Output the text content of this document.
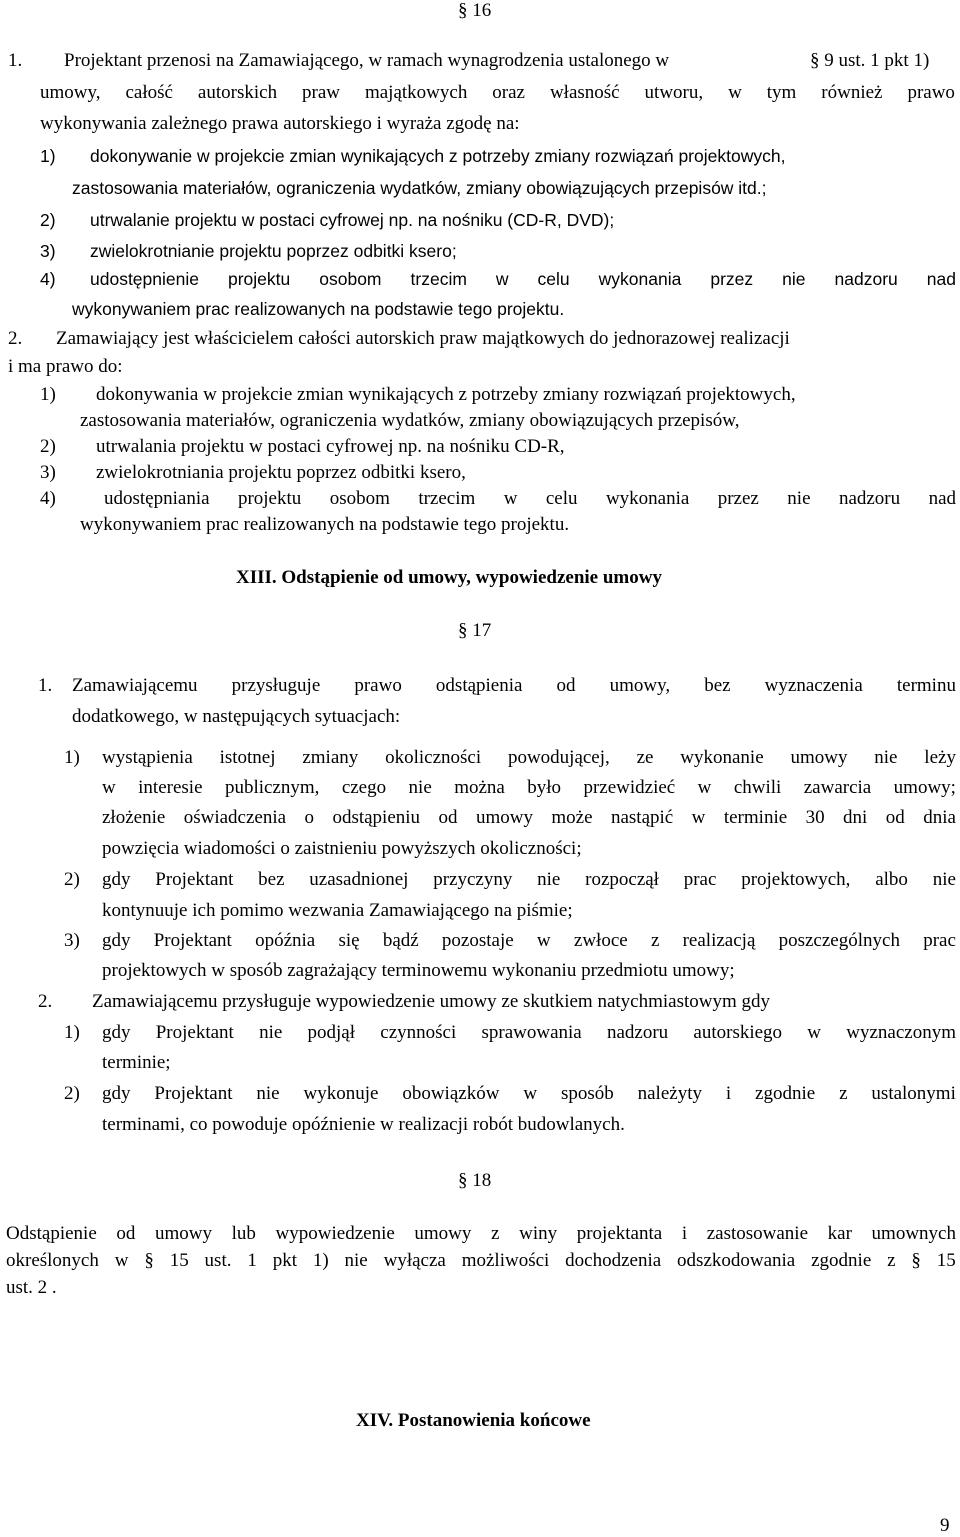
§ 16
1. Projektant przenosi na Zamawiającego, w ramach wynagrodzenia ustalonego w	§ 9 ust. 1 pkt 1)
umowy, całość autorskich praw majątkowych oraz własność utworu, w tym również prawo
wykonywania zależnego prawa autorskiego i wyraża zgodę na:
1) dokonywanie w projekcie zmian wynikających z potrzeby zmiany rozwiązań projektowych,
zastosowania materiałów, ograniczenia wydatków, zmiany obowiązujących przepisów itd.;
2) utrwalanie projektu w postaci cyfrowej np. na nośniku (CD-R, DVD);
3) zwielokrotnianie projektu poprzez odbitki ksero;
4) udostępnienie projektu osobom trzecim w celu wykonania przez nie nadzoru nad
wykonywaniem prac realizowanych na podstawie tego projektu.
2. Zamawiający jest właścicielem całości autorskich praw majątkowych do jednorazowej realizacji
i ma prawo do:
1) dokonywania w projekcie zmian wynikających z potrzeby zmiany rozwiązań projektowych,
zastosowania materiałów, ograniczenia wydatków, zmiany obowiązujących przepisów,
2) utrwalania projektu w postaci cyfrowej np. na nośniku CD-R,
3) zwielokrotniania projektu poprzez odbitki ksero,
4)	udostępniania projektu osobom trzecim w celu wykonania przez nie nadzoru nad
wykonywaniem prac realizowanych na podstawie tego projektu.
XIII. Odstąpienie od umowy, wypowiedzenie umowy
§ 17
1. Zamawiającemu przysługuje prawo odstąpienia od umowy, bez wyznaczenia terminu
dodatkowego, w następujących sytuacjach:
1) wystąpienia istotnej zmiany okoliczności powodującej, ze wykonanie umowy nie leży
w interesie publicznym, czego nie można było przewidzieć w chwili zawarcia umowy;
złożenie oświadczenia o odstąpieniu od umowy może nastąpić w terminie 30 dni od dnia
powzięcia wiadomości o zaistnieniu powyższych okoliczności;
2) gdy Projektant bez uzasadnionej przyczyny nie rozpoczął prac projektowych, albo nie
kontynuuje ich pomimo wezwania Zamawiającego na piśmie;
3) gdy Projektant opóźnia się bądź pozostaje w zwłoce z realizacją poszczególnych prac
projektowych w sposób zagrażający terminowemu wykonaniu przedmiotu umowy;
2. Zamawiającemu przysługuje wypowiedzenie umowy ze skutkiem natychmiastowym gdy
1) gdy Projektant nie podjął czynności sprawowania nadzoru autorskiego w wyznaczonym
terminie;
2) gdy Projektant nie wykonuje obowiązków w sposób należyty i zgodnie z ustalonymi
terminami, co powoduje opóźnienie w realizacji robót budowlanych.
§ 18
Odstąpienie od umowy lub wypowiedzenie umowy z winy projektanta i zastosowanie kar umownych
określonych w § 15 ust. 1 pkt 1) nie wyłącza możliwości dochodzenia odszkodowania zgodnie z § 15
ust. 2 .
XIV. Postanowienia końcowe
9
